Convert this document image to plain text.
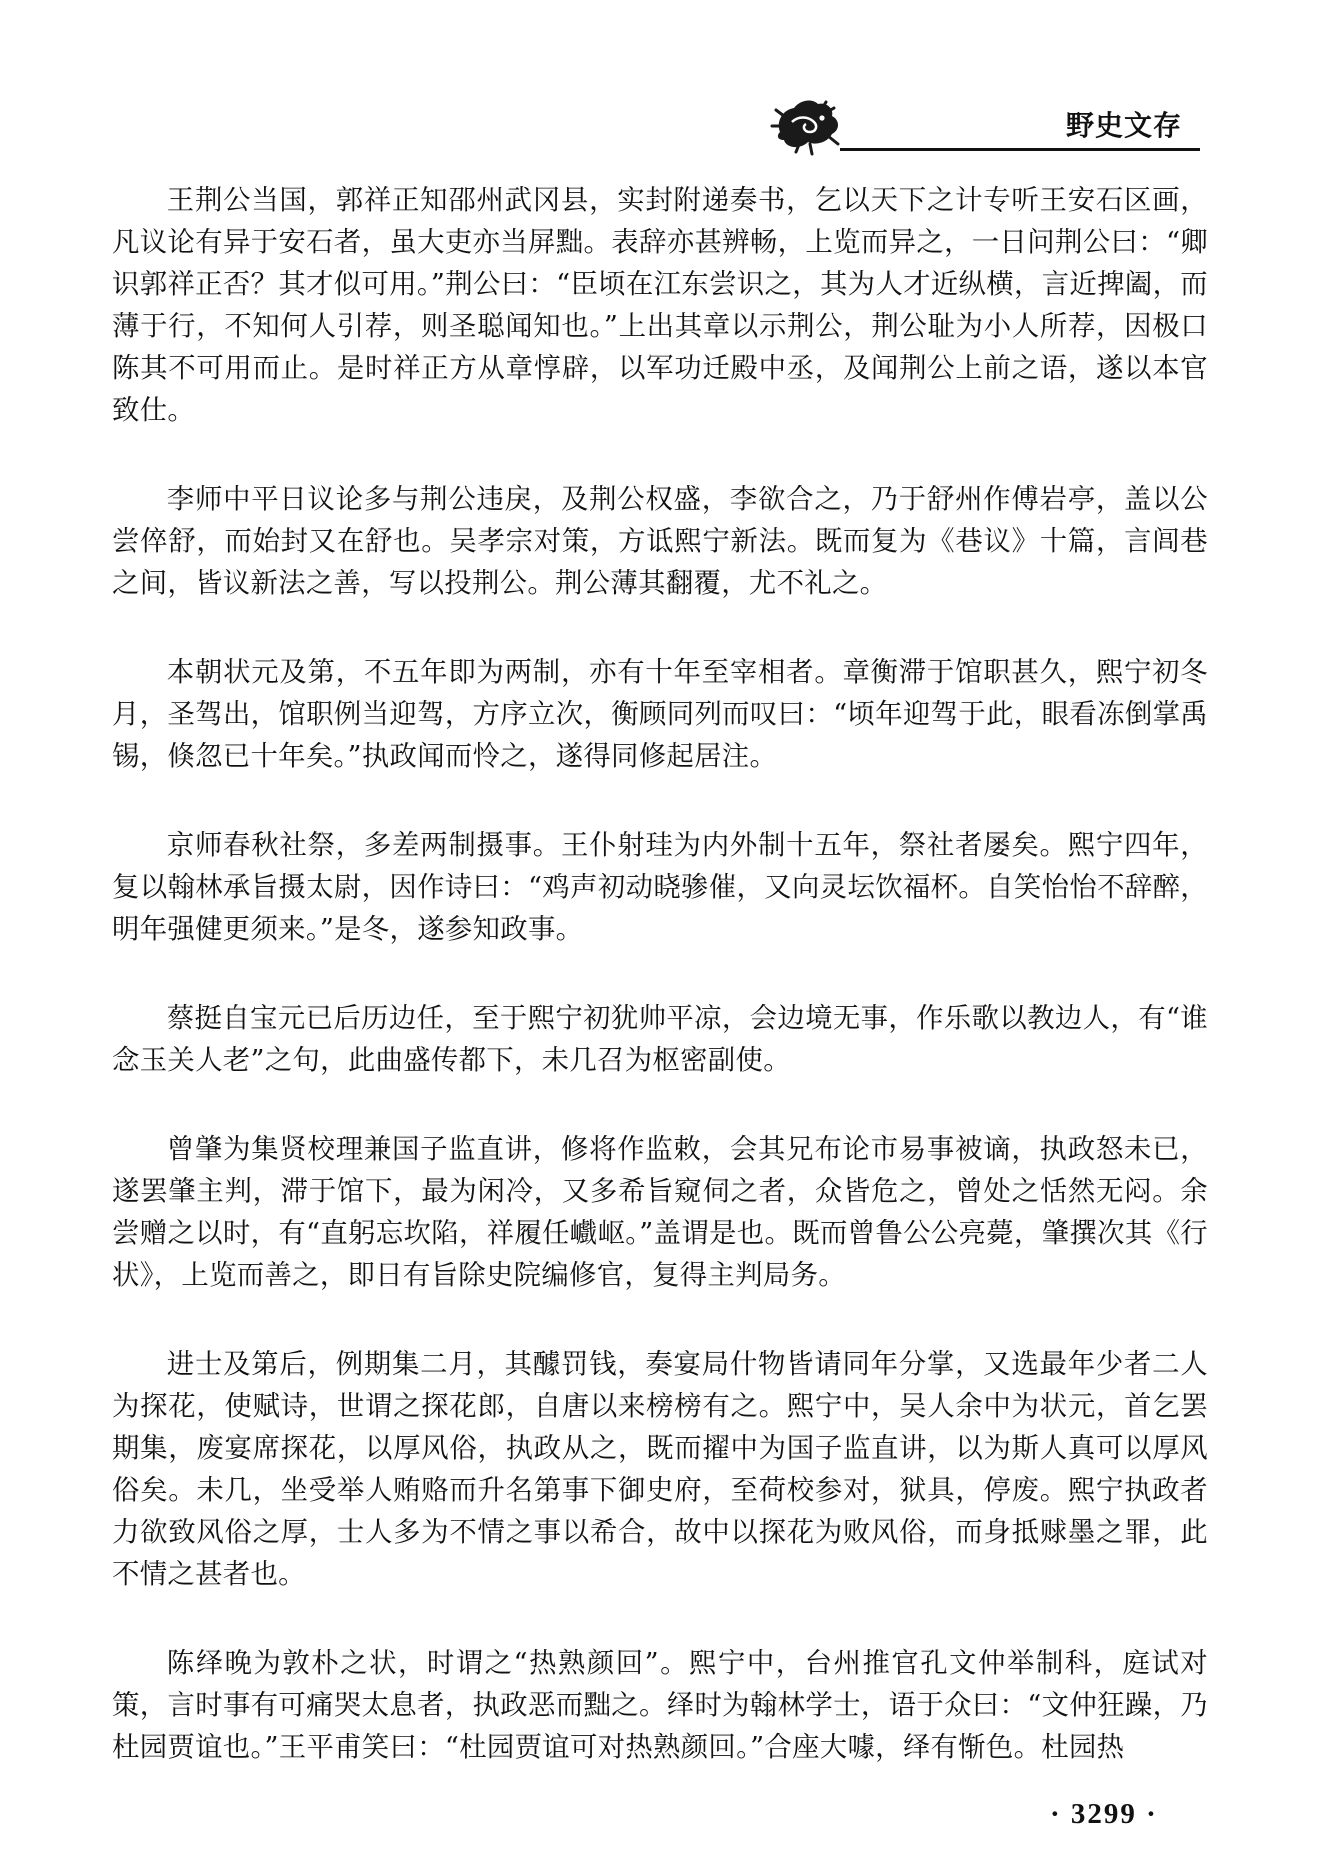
野史文存

王荆公当国，郭祥正知邵州武冈县，实封附递奏书，乞以天下之计专听王安石区画，凡议论有异于安石者，虽大吏亦当屏黜。表辞亦甚辨畅，上览而异之，一日问荆公曰：“卿识郭祥正否？其才似可用。”荆公曰：“臣顷在江东尝识之，其为人才近纵横，言近捭阖，而薄于行，不知何人引荐，则圣聪闻知也。”上出其章以示荆公，荆公耻为小人所荐，因极口陈其不可用而止。是时祥正方从章惇辟，以军功迁殿中丞，及闻荆公上前之语，遂以本官致仕。

李师中平日议论多与荆公违戾，及荆公权盛，李欲合之，乃于舒州作傅岩亭，盖以公尝倅舒，而始封又在舒也。吴孝宗对策，方诋熙宁新法。既而复为《巷议》十篇，言闾巷之间，皆议新法之善，写以投荆公。荆公薄其翻覆，尤不礼之。

本朝状元及第，不五年即为两制，亦有十年至宰相者。章衡滞于馆职甚久，熙宁初冬月，圣驾出，馆职例当迎驾，方序立次，衡顾同列而叹曰：“顷年迎驾于此，眼看冻倒掌禹锡，倏忽已十年矣。”执政闻而怜之，遂得同修起居注。

京师春秋社祭，多差两制摄事。王仆射珪为内外制十五年，祭社者屡矣。熙宁四年，复以翰林承旨摄太尉，因作诗曰：“鸡声初动晓骖催，又向灵坛饮福杯。自笑怡怡不辞醉，明年强健更须来。”是冬，遂参知政事。

蔡挺自宝元已后历边任，至于熙宁初犹帅平凉，会边境无事，作乐歌以教边人，有“谁念玉关人老”之句，此曲盛传都下，未几召为枢密副使。

曾肇为集贤校理兼国子监直讲，修将作监敕，会其兄布论市易事被谪，执政怒未已，遂罢肇主判，滞于馆下，最为闲冷，又多希旨窥伺之者，众皆危之，曾处之恬然无闷。余尝赠之以时，有“直躬忘坎陷，祥履任巇岖。”盖谓是也。既而曾鲁公公亮薨，肇撰次其《行状》，上览而善之，即日有旨除史院编修官，复得主判局务。

进士及第后，例期集二月，其醵罚钱，奏宴局什物皆请同年分掌，又选最年少者二人为探花，使赋诗，世谓之探花郎，自唐以来榜榜有之。熙宁中，吴人余中为状元，首乞罢期集，废宴席探花，以厚风俗，执政从之，既而擢中为国子监直讲，以为斯人真可以厚风俗矣。未几，坐受举人贿赂而升名第事下御史府，至荷校参对，狱具，停废。熙宁执政者力欲致风俗之厚，士人多为不情之事以希合，故中以探花为败风俗，而身抵赇墨之罪，此不情之甚者也。

陈绎晚为敦朴之状，时谓之“热熟颜回”。熙宁中，台州推官孔文仲举制科，庭试对策，言时事有可痛哭太息者，执政恶而黜之。绎时为翰林学士，语于众曰：“文仲狂躁，乃杜园贾谊也。”王平甫笑曰：“杜园贾谊可对热熟颜回。”合座大噱，绎有惭色。杜园热

· 3299 ·
